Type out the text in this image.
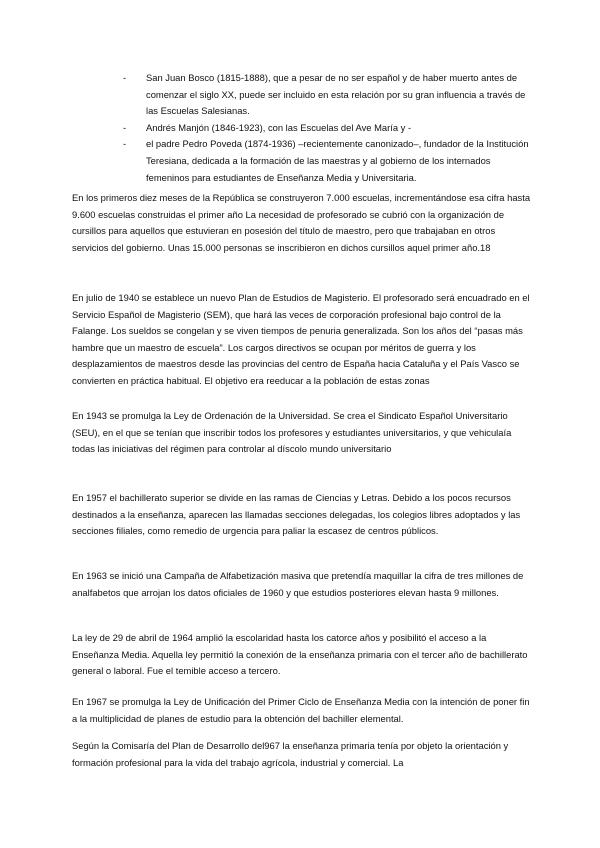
-	San Juan Bosco (1815-1888), que a pesar de no ser español y de haber muerto antes de comenzar el siglo XX, puede ser incluido en esta relación por su gran influencia a través de las Escuelas Salesianas.
-	Andrés Manjón (1846-1923), con las Escuelas del Ave María y -
-	el padre Pedro Poveda (1874-1936) –recientemente canonizado–, fundador de la Institución Teresiana, dedicada a la formación de las maestras y al gobierno de los internados femeninos para estudiantes de Enseñanza Media y Universitaria.

En los primeros diez meses de la República se construyeron 7.000 escuelas, incrementándose esa cifra hasta 9.600 escuelas construidas el primer año La necesidad de profesorado se cubrió con la organización de cursillos para aquellos que estuvieran en posesión del título de maestro, pero que trabajaban en otros servicios del gobierno. Unas 15.000 personas se inscribieron en dichos cursillos aquel primer año.18

En julio de 1940 se establece un nuevo Plan de Estudios de Magisterio. El profesorado será encuadrado en el Servicio Español de Magisterio (SEM), que hará las veces de corporación profesional bajo control de la Falange. Los sueldos se congelan y se viven tiempos de penuria generalizada. Son los años del “pasas más hambre que un maestro de escuela”. Los cargos directivos se ocupan por méritos de guerra y los desplazamientos de maestros desde las provincias del centro de España hacia Cataluña y el País Vasco se convierten en práctica habitual. El objetivo era reeducar a la población de estas zonas

En 1943 se promulga la Ley de Ordenación de la Universidad. Se crea el Sindicato Español Universitario (SEU), en el que se tenían que inscribir todos los profesores y estudiantes universitarios, y que vehiculaía todas las iniciativas del régimen para controlar al díscolo mundo universitario

En 1957 el bachillerato superior se divide en las ramas de Ciencias y Letras. Debido a los pocos recursos destinados a la enseñanza, aparecen las llamadas secciones delegadas, los colegios libres adoptados y las secciones filiales, como remedio de urgencia para paliar la escasez de centros públicos.

En 1963 se inició una Campaña de Alfabetización masiva que pretendía maquillar la cifra de tres millones de analfabetos que arrojan los datos oficiales de 1960 y que estudios posteriores elevan hasta 9 millones.

La ley de 29 de abril de 1964 amplió la escolaridad hasta los catorce años y posibilitó el acceso a la Enseñanza Media. Aquella ley permitió la conexión de la enseñanza primaria con el tercer año de bachillerato general o laboral. Fue el temible acceso a tercero.

En 1967 se promulga la Ley de Unificación del Primer Ciclo de Enseñanza Media con la intención de poner fin a la multiplicidad de planes de estudio para la obtención del bachiller elemental.

Según la Comisaría del Plan de Desarrollo del967 la enseñanza primaria tenía por objeto la orientación y formación profesional para la vida del trabajo agrícola, industrial y comercial. La
